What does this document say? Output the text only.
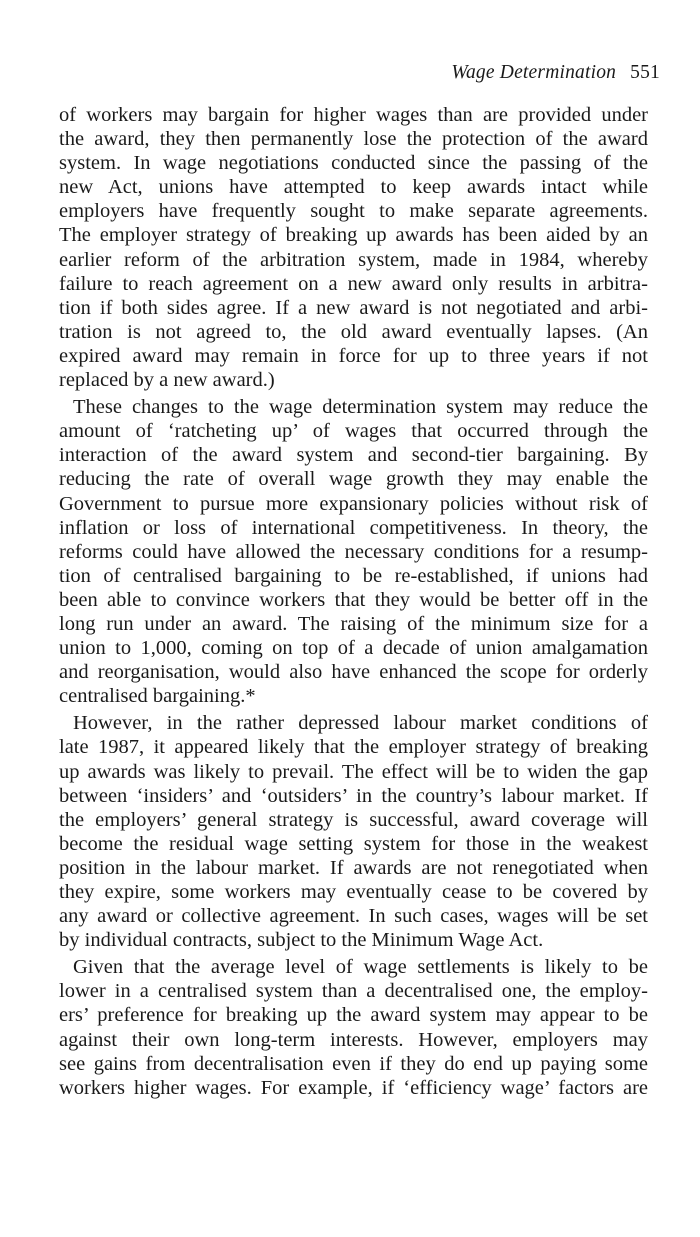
Wage Determination 551

of workers may bargain for higher wages than are provided under
the award, they then permanently lose the protection of the award
system. In wage negotiations conducted since the passing of the
new Act, unions have attempted to keep awards intact while
employers have frequently sought to make separate agreements.
The employer strategy of breaking up awards has been aided by an
earlier reform of the arbitration system, made in 1984, whereby
failure to reach agreement on a new award only results in arbitra-
tion if both sides agree. If a new award is not negotiated and arbi-
tration is not agreed to, the old award eventually lapses. (An
expired award may remain in force for up to three years if not
replaced by a new award.)

These changes to the wage determination system may reduce the
amount of ‘ratcheting up’ of wages that occurred through the
interaction of the award system and second-tier bargaining. By
reducing the rate of overall wage growth they may enable the
Government to pursue more expansionary policies without risk of
inflation or loss of international competitiveness. In theory, the
reforms could have allowed the necessary conditions for a resump-
tion of centralised bargaining to be re-established, if unions had
been able to convince workers that they would be better off in the
long run under an award. The raising of the minimum size for a
union to 1,000, coming on top of a decade of union amalgamation
and reorganisation, would also have enhanced the scope for orderly
centralised bargaining.*

However, in the rather depressed labour market conditions of
late 1987, it appeared likely that the employer strategy of breaking
up awards was likely to prevail. The effect will be to widen the gap
between ‘insiders’ and ‘outsiders’ in the country’s labour market. If
the employers’ general strategy is successful, award coverage will
become the residual wage setting system for those in the weakest
position in the labour market. If awards are not renegotiated when
they expire, some workers may eventually cease to be covered by
any award or collective agreement. In such cases, wages will be set
by individual contracts, subject to the Minimum Wage Act.

Given that the average level of wage settlements is likely to be
lower in a centralised system than a decentralised one, the employ-
ers’ preference for breaking up the award system may appear to be
against their own long-term interests. However, employers may
see gains from decentralisation even if they do end up paying some
workers higher wages. For example, if ‘efficiency wage’ factors are
